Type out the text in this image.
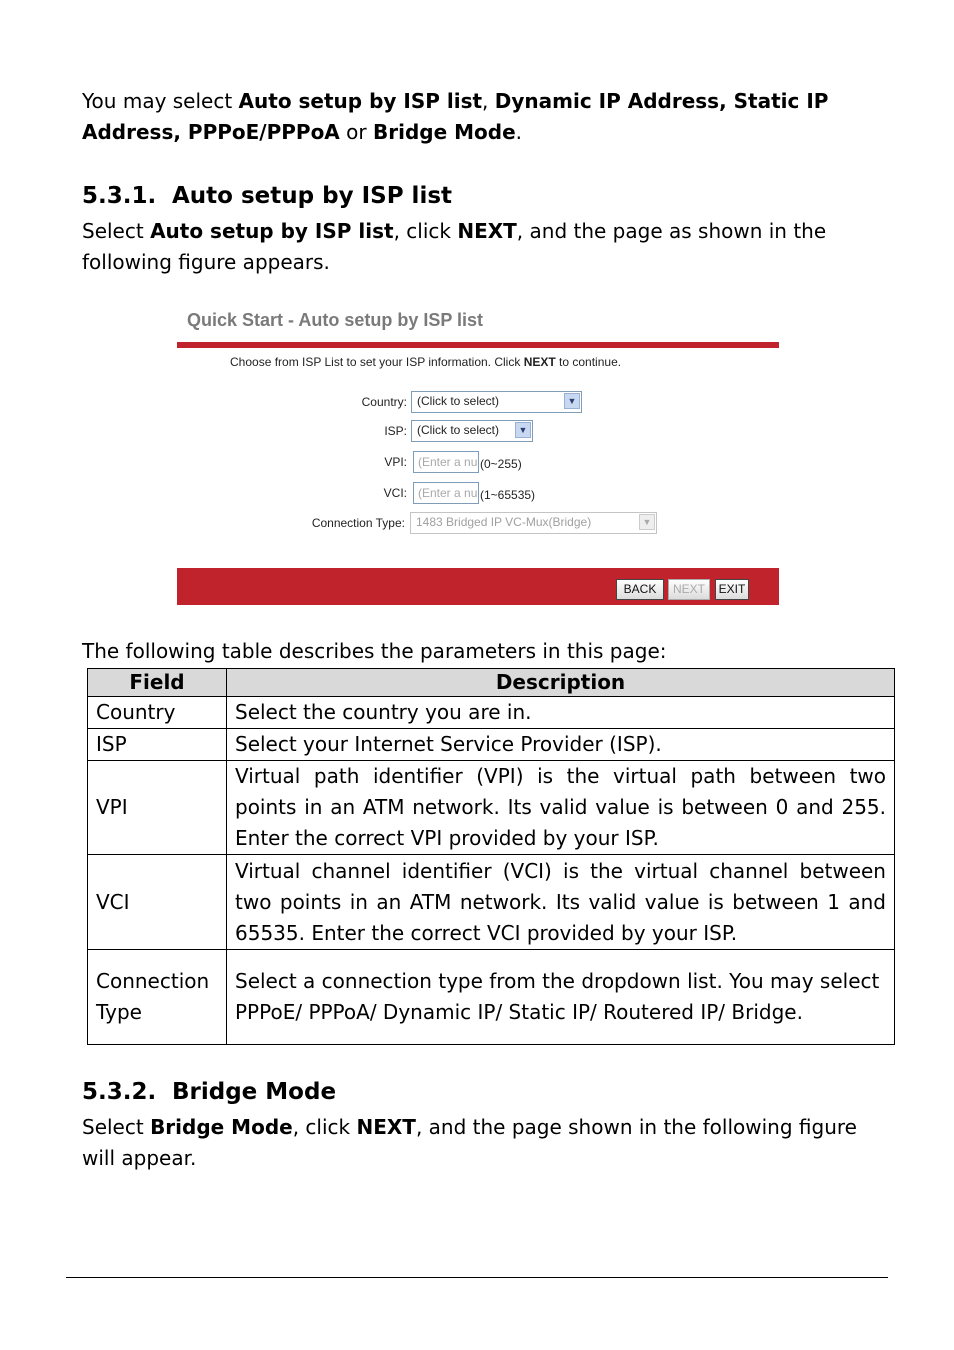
You may select Auto setup by ISP list, Dynamic IP Address, Static IP Address, PPPoE/PPPoA or Bridge Mode.
5.3.1. Auto setup by ISP list
Select Auto setup by ISP list, click NEXT, and the page as shown in the following figure appears.
Quick Start - Auto setup by ISP list
Choose from ISP List to set your ISP information. Click NEXT to continue.
Country: (Click to select)	▼
ISP: (Click to select)	▼
VPI: (Enter a nu (0~255)
VCI: (Enter a nu (1~65535)
Connection Type: 1483 Bridged IP VC-Mux(Bridge)	▼
BACK	NEXT	EXIT
The following table describes the parameters in this page:
Field	Description
Country	Select the country you are in.
ISP	Select your Internet Service Provider (ISP).
VPI	Virtual path identifier (VPI) is the virtual path between two points in an ATM network. Its valid value is between 0 and 255. Enter the correct VPI provided by your ISP.
VCI	Virtual channel identifier (VCI) is the virtual channel between two points in an ATM network. Its valid value is between 1 and 65535. Enter the correct VCI provided by your ISP.
Connection Type	Select a connection type from the dropdown list. You may select PPPoE/ PPPoA/ Dynamic IP/ Static IP/ Routered IP/ Bridge.
5.3.2. Bridge Mode
Select Bridge Mode, click NEXT, and the page shown in the following figure will appear.
